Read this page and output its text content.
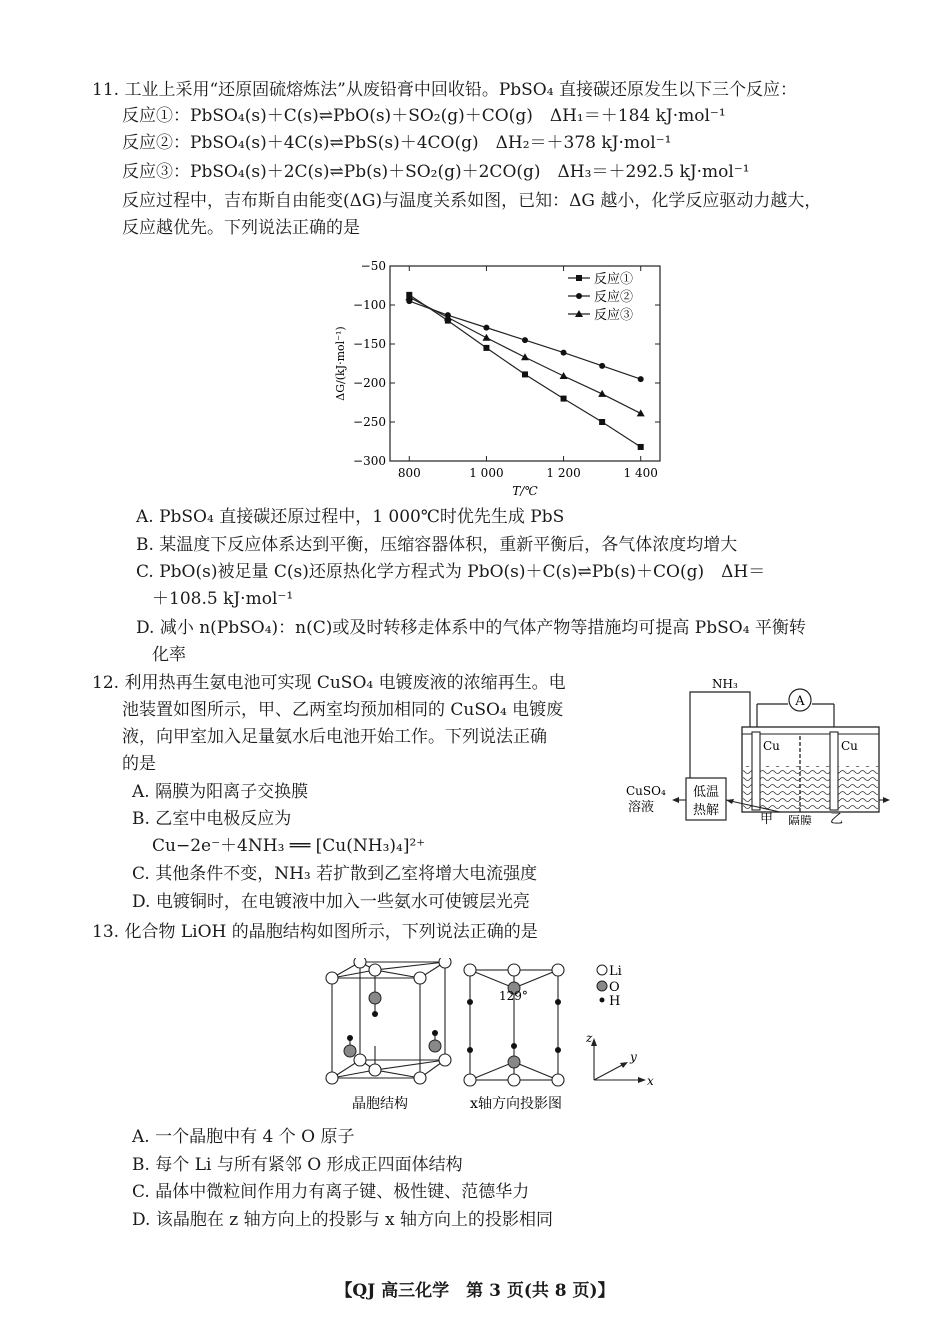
11. 工业上采用“还原固硫熔炼法”从废铅膏中回收铅。PbSO₄ 直接碳还原发生以下三个反应：
反应①：PbSO₄(s)＋C(s)⇌PbO(s)＋SO₂(g)＋CO(g)　ΔH₁＝＋184 kJ·mol⁻¹
反应②：PbSO₄(s)＋4C(s)⇌PbS(s)＋4CO(g)　ΔH₂＝＋378 kJ·mol⁻¹
反应③：PbSO₄(s)＋2C(s)⇌Pb(s)＋SO₂(g)＋2CO(g)　ΔH₃＝＋292.5 kJ·mol⁻¹
反应过程中，吉布斯自由能变(ΔG)与温度关系如图，已知：ΔG 越小，化学反应驱动力越大，
反应越优先。下列说法正确的是
−50
−100
−150
−200
−250
−300
800	1 000	1 200	1 400
T/℃
ΔG/(kJ·mol⁻¹)
反应①
反应②
反应③
A. PbSO₄ 直接碳还原过程中，1 000℃时优先生成 PbS
B. 某温度下反应体系达到平衡，压缩容器体积，重新平衡后，各气体浓度均增大
C. PbO(s)被足量 C(s)还原热化学方程式为 PbO(s)＋C(s)⇌Pb(s)＋CO(g)　ΔH＝
＋108.5 kJ·mol⁻¹
D. 减小 n(PbSO₄)：n(C)或及时转移走体系中的气体产物等措施均可提高 PbSO₄ 平衡转
化率
12. 利用热再生氨电池可实现 CuSO₄ 电镀废液的浓缩再生。电
池装置如图所示，甲、乙两室均预加相同的 CuSO₄ 电镀废
液，向甲室加入足量氨水后电池开始工作。下列说法正确
的是
A. 隔膜为阳离子交换膜
B. 乙室中电极反应为
Cu−2e⁻＋4NH₃ ══ [Cu(NH₃)₄]²⁺
C. 其他条件不变，NH₃ 若扩散到乙室将增大电流强度
D. 电镀铜时，在电镀液中加入一些氨水可使镀层光亮
NH₃
A
Cu	Cu
低温
热解
CuSO₄
溶液
甲	乙
隔膜
13. 化合物 LiOH 的晶胞结构如图所示，下列说法正确的是
129°
晶胞结构	x轴方向投影图
Li
O
H
z
y
x
A. 一个晶胞中有 4 个 O 原子
B. 每个 Li 与所有紧邻 O 形成正四面体结构
C. 晶体中微粒间作用力有离子键、极性键、范德华力
D. 该晶胞在 z 轴方向上的投影与 x 轴方向上的投影相同
【QJ 高三化学　第 3 页(共 8 页)】
